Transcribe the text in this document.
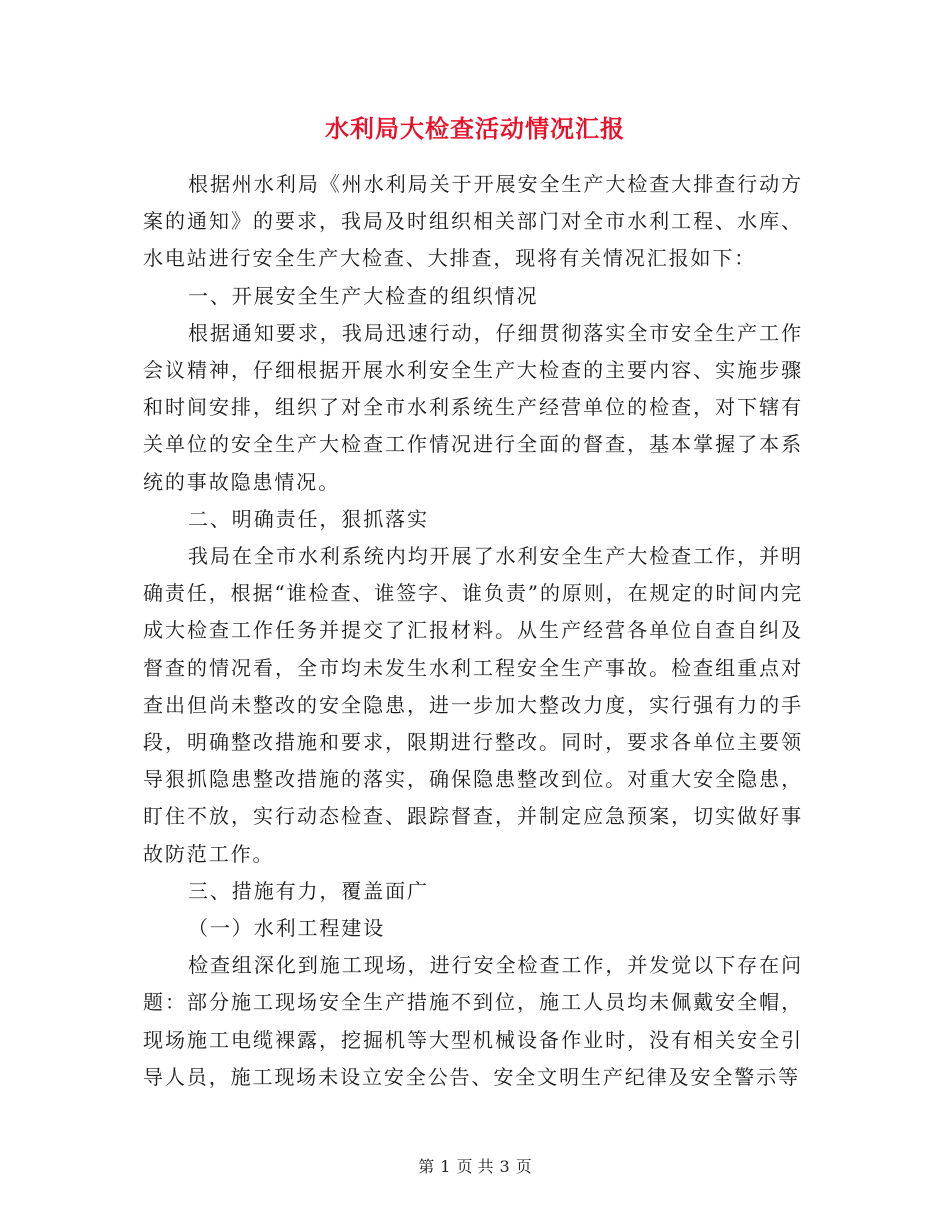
水利局大检查活动情况汇报

根据州水利局《州水利局关于开展安全生产大检查大排查行动方案的通知》的要求，我局及时组织相关部门对全市水利工程、水库、水电站进行安全生产大检查、大排查，现将有关情况汇报如下：

一、开展安全生产大检查的组织情况

根据通知要求，我局迅速行动，仔细贯彻落实全市安全生产工作会议精神，仔细根据开展水利安全生产大检查的主要内容、实施步骤和时间安排，组织了对全市水利系统生产经营单位的检查，对下辖有关单位的安全生产大检查工作情况进行全面的督查，基本掌握了本系统的事故隐患情况。

二、明确责任，狠抓落实

我局在全市水利系统内均开展了水利安全生产大检查工作，并明确责任，根据“谁检查、谁签字、谁负责”的原则，在规定的时间内完成大检查工作任务并提交了汇报材料。从生产经营各单位自查自纠及督查的情况看，全市均未发生水利工程安全生产事故。检查组重点对查出但尚未整改的安全隐患，进一步加大整改力度，实行强有力的手段，明确整改措施和要求，限期进行整改。同时，要求各单位主要领导狠抓隐患整改措施的落实，确保隐患整改到位。对重大安全隐患，盯住不放，实行动态检查、跟踪督查，并制定应急预案，切实做好事故防范工作。

三、措施有力，覆盖面广

（一）水利工程建设

检查组深化到施工现场，进行安全检查工作，并发觉以下存在问题：部分施工现场安全生产措施不到位，施工人员均未佩戴安全帽，现场施工电缆裸露，挖掘机等大型机械设备作业时，没有相关安全引导人员，施工现场未设立安全公告、安全文明生产纪律及安全警示等

第 1 页 共 3 页
